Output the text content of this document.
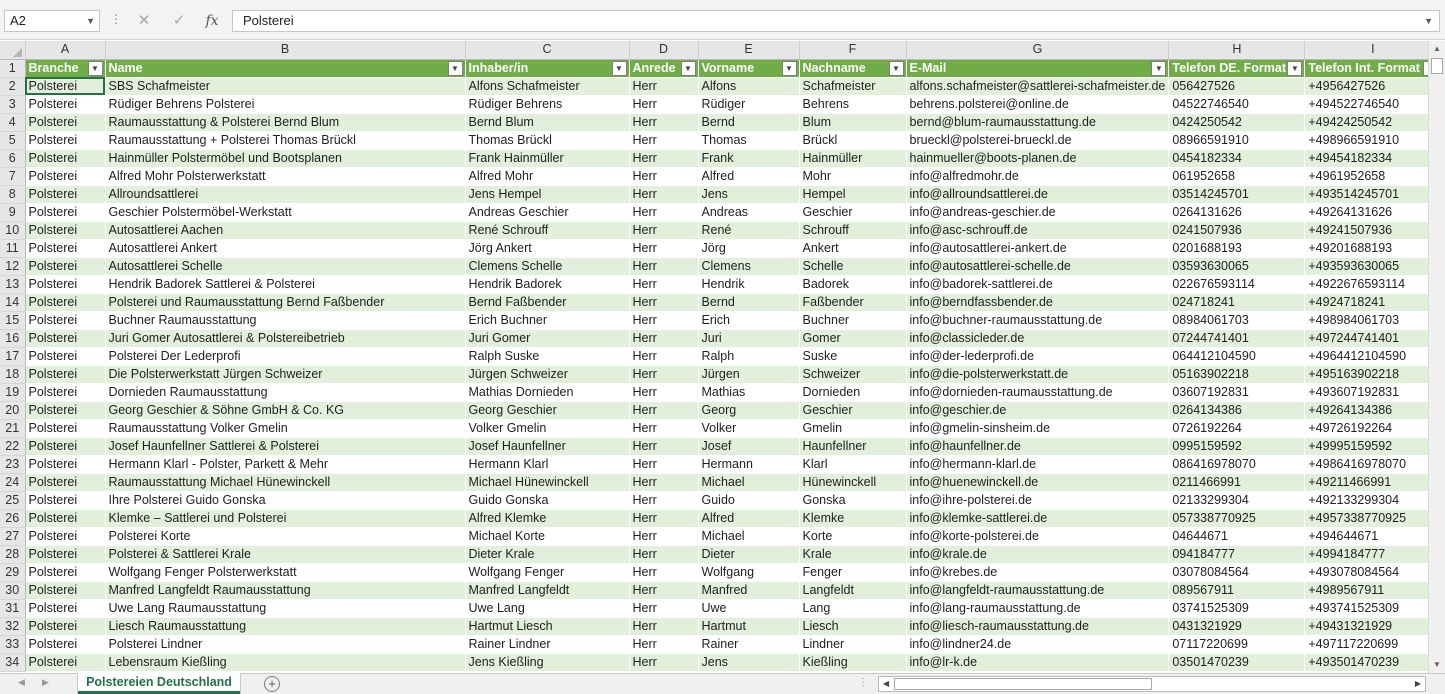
A2	▼ ⋮	✕	✓	fx	Polsterei	▼
	A	B	C	D	E	F	G	H	I
1	Branche ▼	Name ▼	Inhaber/in ▼	Anrede ▼	Vorname ▼	Nachname ▼	E-Mail ▼	Telefon DE. Format ▼	Telefon Int. Format

2	Polsterei	SBS Schafmeister	Alfons Schafmeister	Herr	Alfons	Schafmeister	alfons.schafmeister@sattlerei-schafmeister.de	056427526	+4956427526
3	Polsterei	Rüdiger Behrens Polsterei	Rüdiger Behrens	Herr	Rüdiger	Behrens	behrens.polsterei@online.de	04522746540	+494522746540
4	Polsterei	Raumausstattung & Polsterei Bernd Blum	Bernd Blum	Herr	Bernd	Blum	bernd@blum-raumausstattung.de	0424250542	+49424250542
5	Polsterei	Raumausstattung + Polsterei Thomas Brückl	Thomas Brückl	Herr	Thomas	Brückl	brueckl@polsterei-brueckl.de	08966591910	+498966591910
6	Polsterei	Hainmüller Polstermöbel und Bootsplanen	Frank Hainmüller	Herr	Frank	Hainmüller	hainmueller@boots-planen.de	0454182334	+49454182334
7	Polsterei	Alfred Mohr Polsterwerkstatt	Alfred Mohr	Herr	Alfred	Mohr	info@alfredmohr.de	061952658	+4961952658
8	Polsterei	Allroundsattlerei	Jens Hempel	Herr	Jens	Hempel	info@allroundsattlerei.de	03514245701	+493514245701
9	Polsterei	Geschier Polstermöbel-Werkstatt	Andreas Geschier	Herr	Andreas	Geschier	info@andreas-geschier.de	0264131626	+49264131626
10	Polsterei	Autosattlerei Aachen	René Schrouff	Herr	René	Schrouff	info@asc-schrouff.de	0241507936	+49241507936
11	Polsterei	Autosattlerei Ankert	Jörg Ankert	Herr	Jörg	Ankert	info@autosattlerei-ankert.de	0201688193	+49201688193
12	Polsterei	Autosattlerei Schelle	Clemens Schelle	Herr	Clemens	Schelle	info@autosattlerei-schelle.de	03593630065	+493593630065
13	Polsterei	Hendrik Badorek Sattlerei & Polsterei	Hendrik Badorek	Herr	Hendrik	Badorek	info@badorek-sattlerei.de	022676593114	+4922676593114
14	Polsterei	Polsterei und Raumausstattung Bernd Faßbender	Bernd Faßbender	Herr	Bernd	Faßbender	info@berndfassbender.de	024718241	+4924718241
15	Polsterei	Buchner Raumausstattung	Erich Buchner	Herr	Erich	Buchner	info@buchner-raumausstattung.de	08984061703	+498984061703
16	Polsterei	Juri Gomer Autosattlerei & Polstereibetrieb	Juri Gomer	Herr	Juri	Gomer	info@classicleder.de	07244741401	+497244741401
17	Polsterei	Polsterei Der Lederprofi	Ralph Suske	Herr	Ralph	Suske	info@der-lederprofi.de	064412104590	+4964412104590
18	Polsterei	Die Polsterwerkstatt Jürgen Schweizer	Jürgen Schweizer	Herr	Jürgen	Schweizer	info@die-polsterwerkstatt.de	05163902218	+495163902218
19	Polsterei	Dornieden Raumausstattung	Mathias Dornieden	Herr	Mathias	Dornieden	info@dornieden-raumausstattung.de	03607192831	+493607192831
20	Polsterei	Georg Geschier & Söhne GmbH & Co. KG	Georg Geschier	Herr	Georg	Geschier	info@geschier.de	0264134386	+49264134386
21	Polsterei	Raumausstattung Volker Gmelin	Volker Gmelin	Herr	Volker	Gmelin	info@gmelin-sinsheim.de	0726192264	+49726192264
22	Polsterei	Josef Haunfellner Sattlerei & Polsterei	Josef Haunfellner	Herr	Josef	Haunfellner	info@haunfellner.de	0995159592	+49995159592
23	Polsterei	Hermann Klarl - Polster, Parkett & Mehr	Hermann Klarl	Herr	Hermann	Klarl	info@hermann-klarl.de	086416978070	+4986416978070
24	Polsterei	Raumausstattung Michael Hünewinckell	Michael Hünewinckell	Herr	Michael	Hünewinckell	info@huenewinckell.de	0211466991	+49211466991
25	Polsterei	Ihre Polsterei Guido Gonska	Guido Gonska	Herr	Guido	Gonska	info@ihre-polsterei.de	02133299304	+492133299304
26	Polsterei	Klemke – Sattlerei und Polsterei	Alfred Klemke	Herr	Alfred	Klemke	info@klemke-sattlerei.de	057338770925	+4957338770925
27	Polsterei	Polsterei Korte	Michael Korte	Herr	Michael	Korte	info@korte-polsterei.de	04644671	+494644671
28	Polsterei	Polsterei & Sattlerei Krale	Dieter Krale	Herr	Dieter	Krale	info@krale.de	094184777	+4994184777
29	Polsterei	Wolfgang Fenger Polsterwerkstatt	Wolfgang Fenger	Herr	Wolfgang	Fenger	info@krebes.de	03078084564	+493078084564
30	Polsterei	Manfred Langfeldt Raumausstattung	Manfred Langfeldt	Herr	Manfred	Langfeldt	info@langfeldt-raumausstattung.de	089567911	+4989567911
31	Polsterei	Uwe Lang Raumausstattung	Uwe Lang	Herr	Uwe	Lang	info@lang-raumausstattung.de	03741525309	+493741525309
32	Polsterei	Liesch Raumausstattung	Hartmut Liesch	Herr	Hartmut	Liesch	info@liesch-raumausstattung.de	0431321929	+49431321929
33	Polsterei	Polsterei Lindner	Rainer Lindner	Herr	Rainer	Lindner	info@lindner24.de	07117220699	+497117220699
34	Polsterei	Lebensraum Kießling	Jens Kießling	Herr	Jens	Kießling	info@lr-k.de	03501470239	+493501470239
▲
▼
◀ ▶	Polstereien Deutschland	+	⋮	◀	▶
